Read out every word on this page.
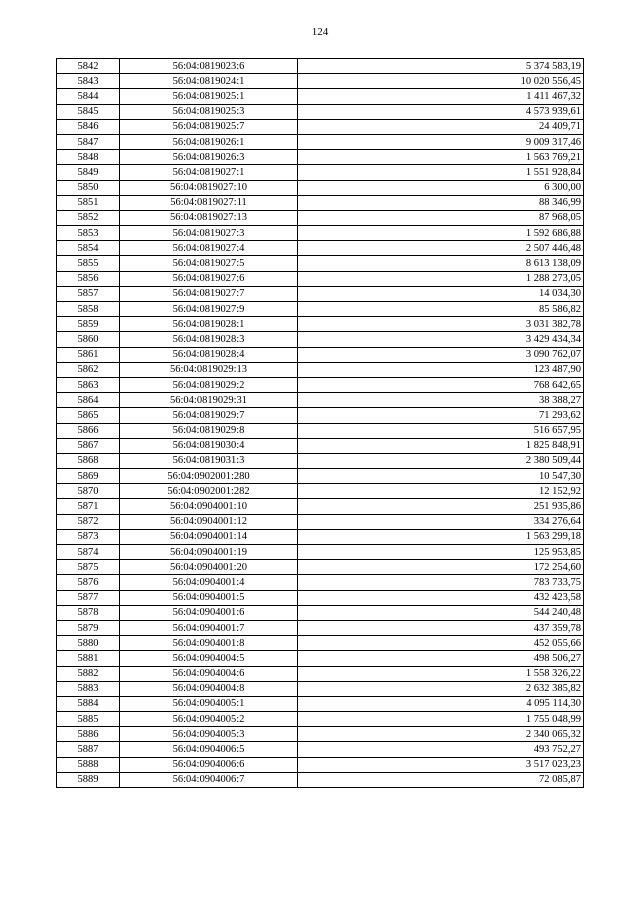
124
5842	56:04:0819023:6	5 374 583,19
5843	56:04:0819024:1	10 020 556,45
5844	56:04:0819025:1	1 411 467,32
5845	56:04:0819025:3	4 573 939,61
5846	56:04:0819025:7	24 409,71
5847	56:04:0819026:1	9 009 317,46
5848	56:04:0819026:3	1 563 769,21
5849	56:04:0819027:1	1 551 928,84
5850	56:04:0819027:10	6 300,00
5851	56:04:0819027:11	88 346,99
5852	56:04:0819027:13	87 968,05
5853	56:04:0819027:3	1 592 686,88
5854	56:04:0819027:4	2 507 446,48
5855	56:04:0819027:5	8 613 138,09
5856	56:04:0819027:6	1 288 273,05
5857	56:04:0819027:7	14 034,30
5858	56:04:0819027:9	85 586,82
5859	56:04:0819028:1	3 031 382,78
5860	56:04:0819028:3	3 429 434,34
5861	56:04:0819028:4	3 090 762,07
5862	56:04:0819029:13	123 487,90
5863	56:04:0819029:2	768 642,65
5864	56:04:0819029:31	38 388,27
5865	56:04:0819029:7	71 293,62
5866	56:04:0819029:8	516 657,95
5867	56:04:0819030:4	1 825 848,91
5868	56:04:0819031:3	2 380 509,44
5869	56:04:0902001:280	10 547,30
5870	56:04:0902001:282	12 152,92
5871	56:04:0904001:10	251 935,86
5872	56:04:0904001:12	334 276,64
5873	56:04:0904001:14	1 563 299,18
5874	56:04:0904001:19	125 953,85
5875	56:04:0904001:20	172 254,60
5876	56:04:0904001:4	783 733,75
5877	56:04:0904001:5	432 423,58
5878	56:04:0904001:6	544 240,48
5879	56:04:0904001:7	437 359,78
5880	56:04:0904001:8	452 055,66
5881	56:04:0904004:5	498 506,27
5882	56:04:0904004:6	1 558 326,22
5883	56:04:0904004:8	2 632 385,82
5884	56:04:0904005:1	4 095 114,30
5885	56:04:0904005:2	1 755 048,99
5886	56:04:0904005:3	2 340 065,32
5887	56:04:0904006:5	493 752,27
5888	56:04:0904006:6	3 517 023,23
5889	56:04:0904006:7	72 085,87
